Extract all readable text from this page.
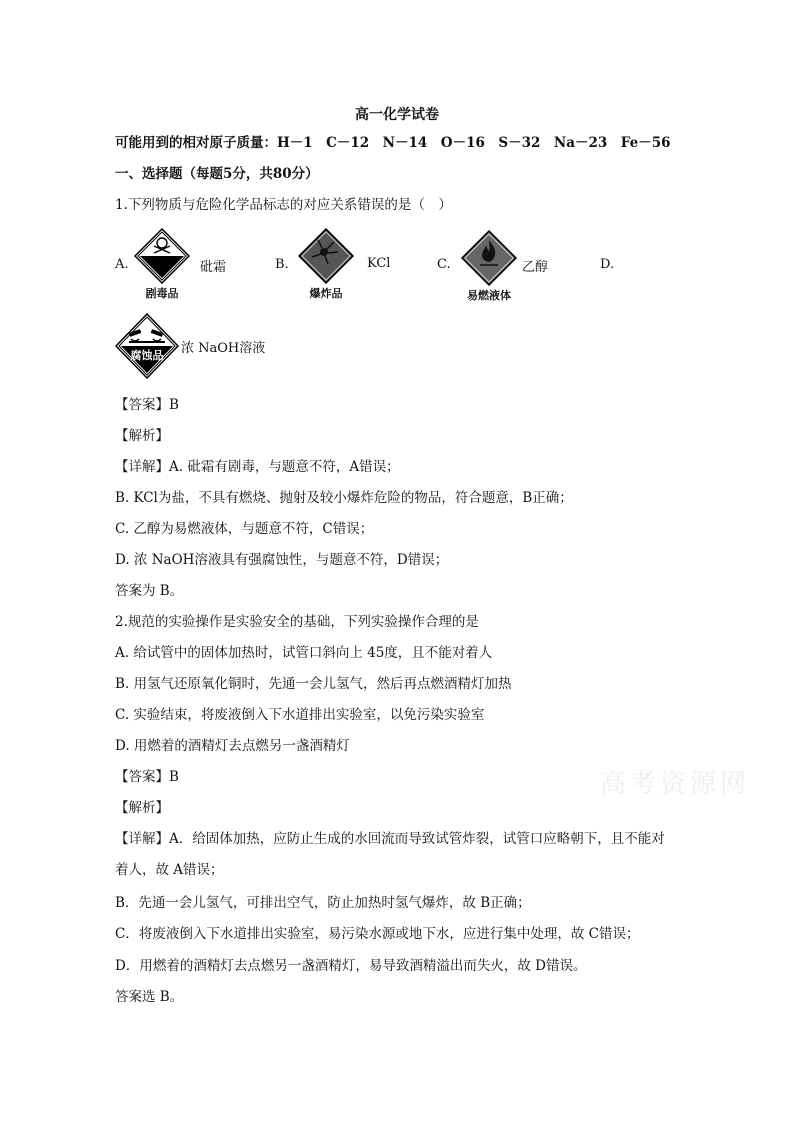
高一化学试卷
可能用到的相对原子质量：H－1　C－12　N－14　O－16　S－32　Na－23　Fe－56
一、选择题（每题5分，共80分）
1.下列物质与危险化学品标志的对应关系错误的是（　）
A.
剧毒品
砒霜	B.
爆炸品
KCl	C.
易燃液体
乙醇	D.
腐蚀品	浓 NaOH溶液
【答案】B
【解析】
【详解】A. 砒霜有剧毒，与题意不符，A错误；
B. KCl为盐，不具有燃烧、抛射及较小爆炸危险的物品，符合题意，B正确；
C. 乙醇为易燃液体，与题意不符，C错误；
D. 浓 NaOH溶液具有强腐蚀性，与题意不符，D错误；
答案为 B。
2.规范的实验操作是实验安全的基础，下列实验操作合理的是
A. 给试管中的固体加热时，试管口斜向上 45度，且不能对着人
B. 用氢气还原氧化铜时，先通一会儿氢气，然后再点燃酒精灯加热
C. 实验结束，将废液倒入下水道排出实验室，以免污染实验室
D. 用燃着的酒精灯去点燃另一盏酒精灯
【答案】B
【解析】
【详解】A．给固体加热，应防止生成的水回流而导致试管炸裂，试管口应略朝下，且不能对
着人，故 A错误；
B．先通一会儿氢气，可排出空气，防止加热时氢气爆炸，故 B正确；
C．将废液倒入下水道排出实验室，易污染水源或地下水，应进行集中处理，故 C错误；
D．用燃着的酒精灯去点燃另一盏酒精灯，易导致酒精溢出而失火，故 D错误。
答案选 B。
高考资源网
